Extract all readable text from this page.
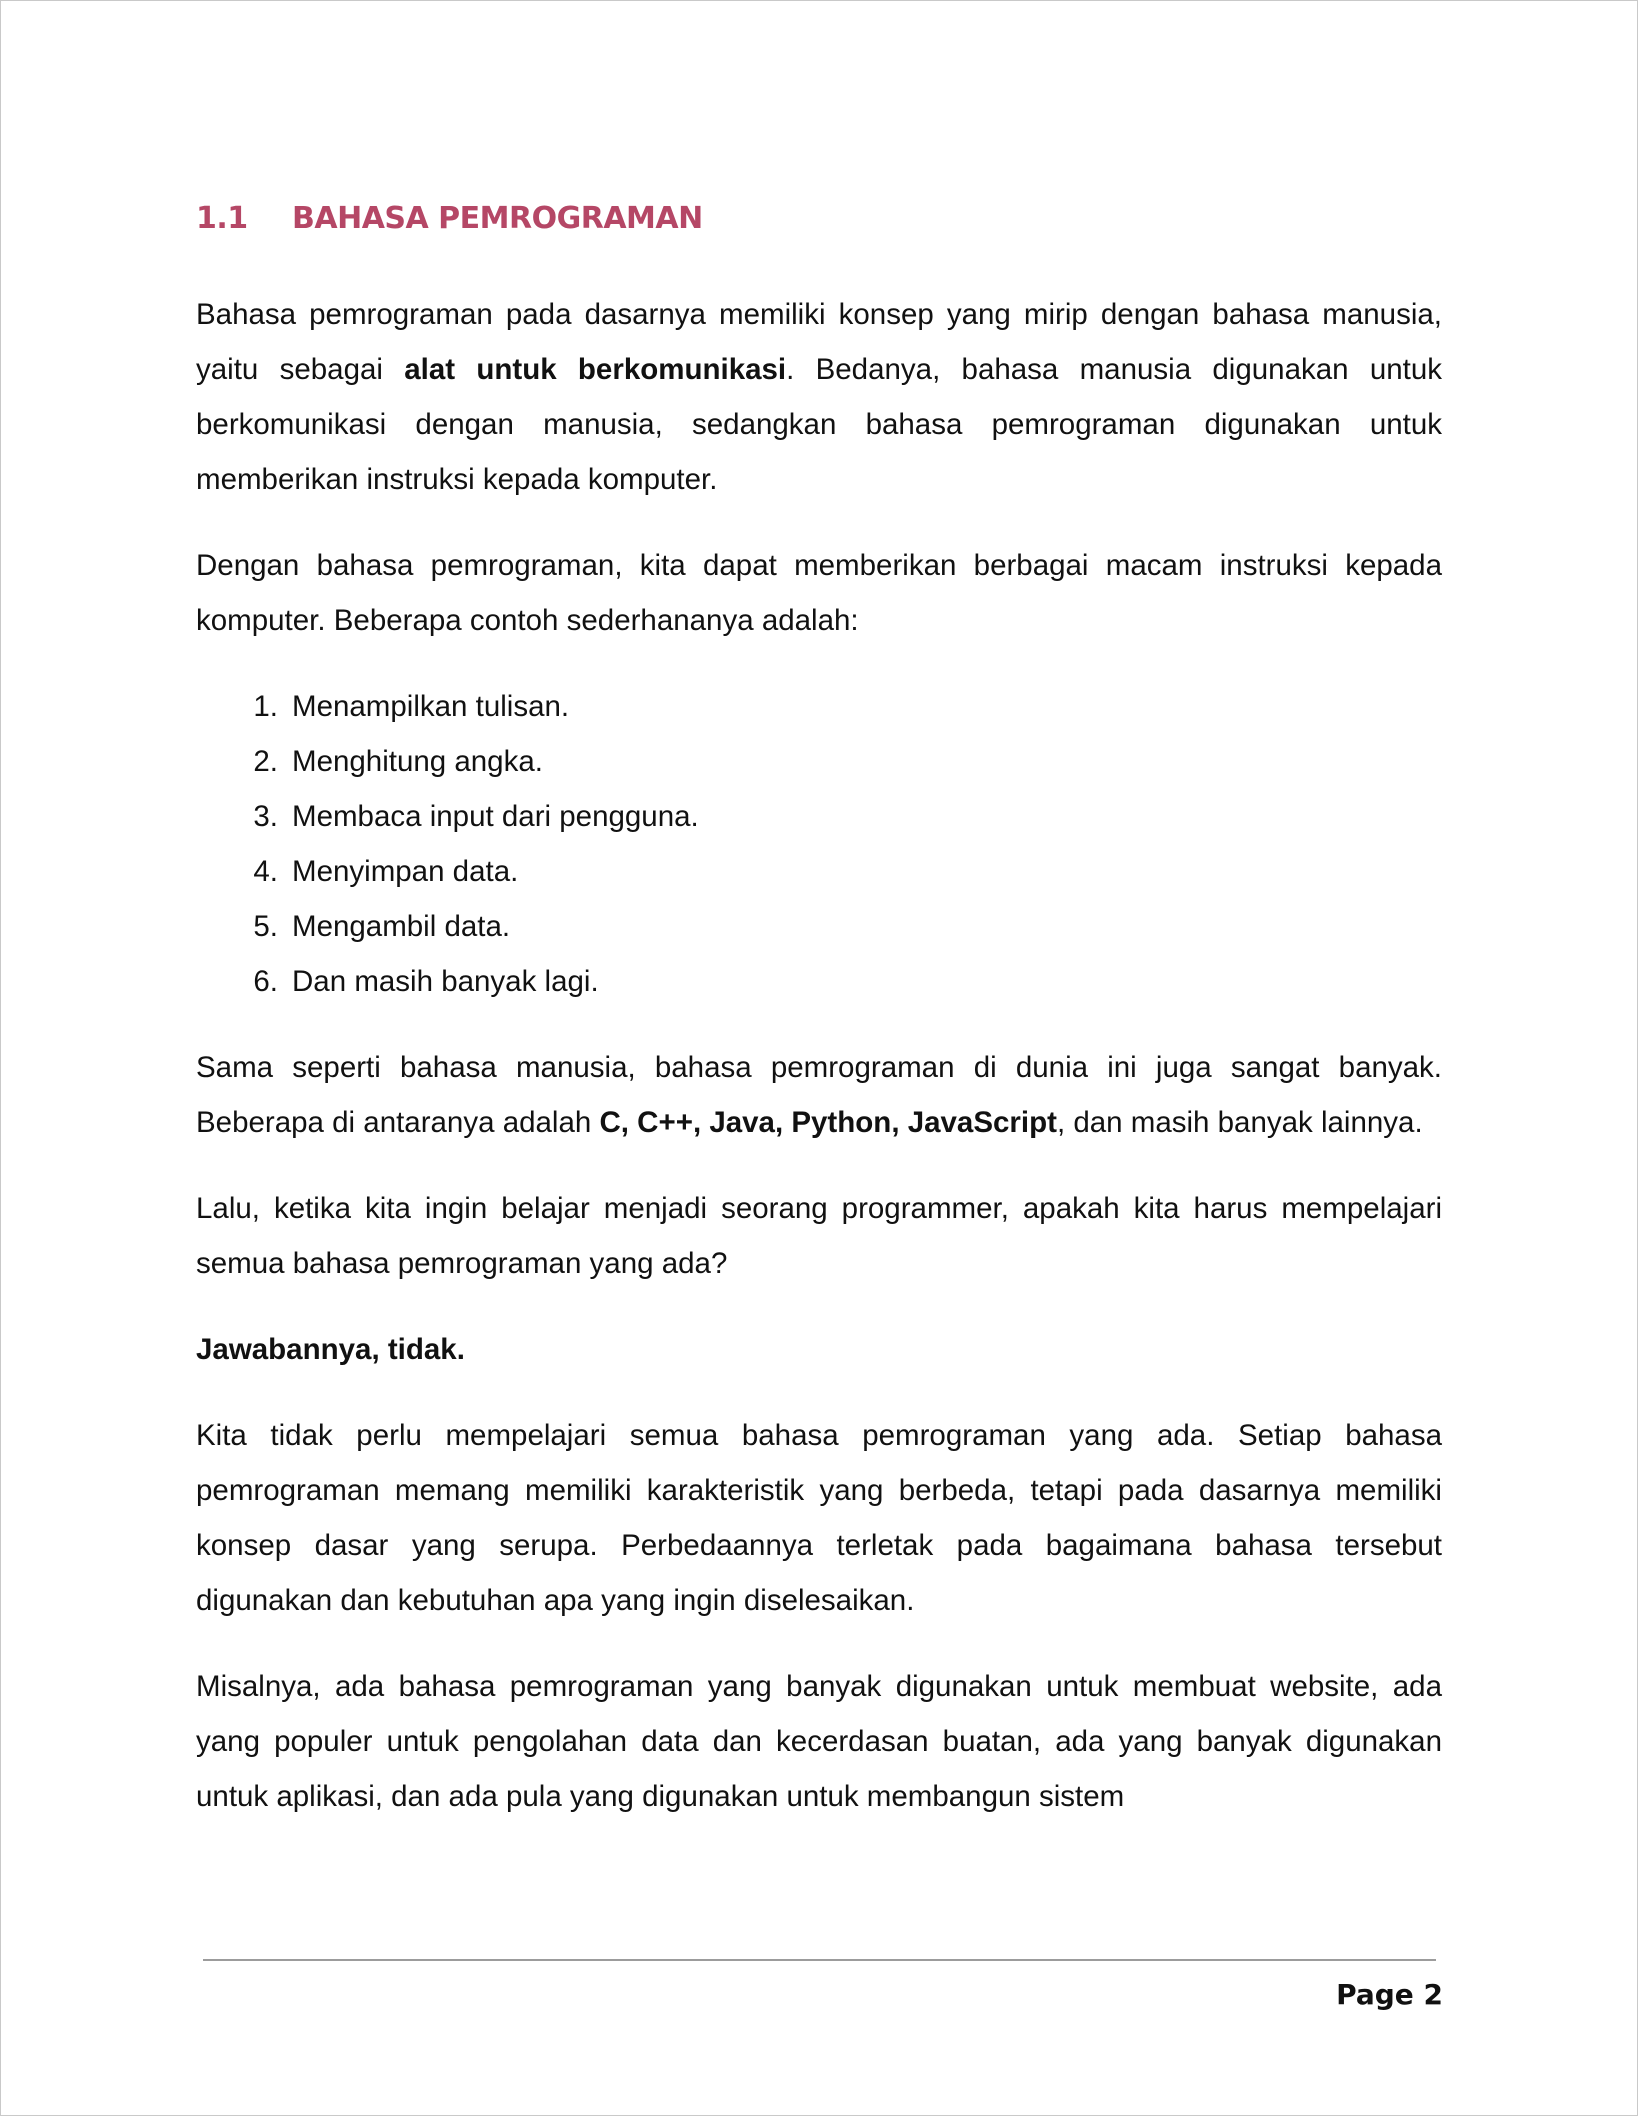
1.1	BAHASA PEMROGRAMAN

Bahasa pemrograman pada dasarnya memiliki konsep yang mirip dengan bahasa manusia, yaitu sebagai alat untuk berkomunikasi. Bedanya, bahasa manusia digunakan untuk berkomunikasi dengan manusia, sedangkan bahasa pemrograman digunakan untuk memberikan instruksi kepada komputer.

Dengan bahasa pemrograman, kita dapat memberikan berbagai macam instruksi kepada komputer. Beberapa contoh sederhananya adalah:

1. Menampilkan tulisan.
2. Menghitung angka.
3. Membaca input dari pengguna.
4. Menyimpan data.
5. Mengambil data.
6. Dan masih banyak lagi.

Sama seperti bahasa manusia, bahasa pemrograman di dunia ini juga sangat banyak. Beberapa di antaranya adalah C, C++, Java, Python, JavaScript, dan masih banyak lainnya.

Lalu, ketika kita ingin belajar menjadi seorang programmer, apakah kita harus mempelajari semua bahasa pemrograman yang ada?

Jawabannya, tidak.

Kita tidak perlu mempelajari semua bahasa pemrograman yang ada. Setiap bahasa pemrograman memang memiliki karakteristik yang berbeda, tetapi pada dasarnya memiliki konsep dasar yang serupa. Perbedaannya terletak pada bagaimana bahasa tersebut digunakan dan kebutuhan apa yang ingin diselesaikan.

Misalnya, ada bahasa pemrograman yang banyak digunakan untuk membuat website, ada yang populer untuk pengolahan data dan kecerdasan buatan, ada yang banyak digunakan untuk aplikasi, dan ada pula yang digunakan untuk membangun sistem

Page 2
